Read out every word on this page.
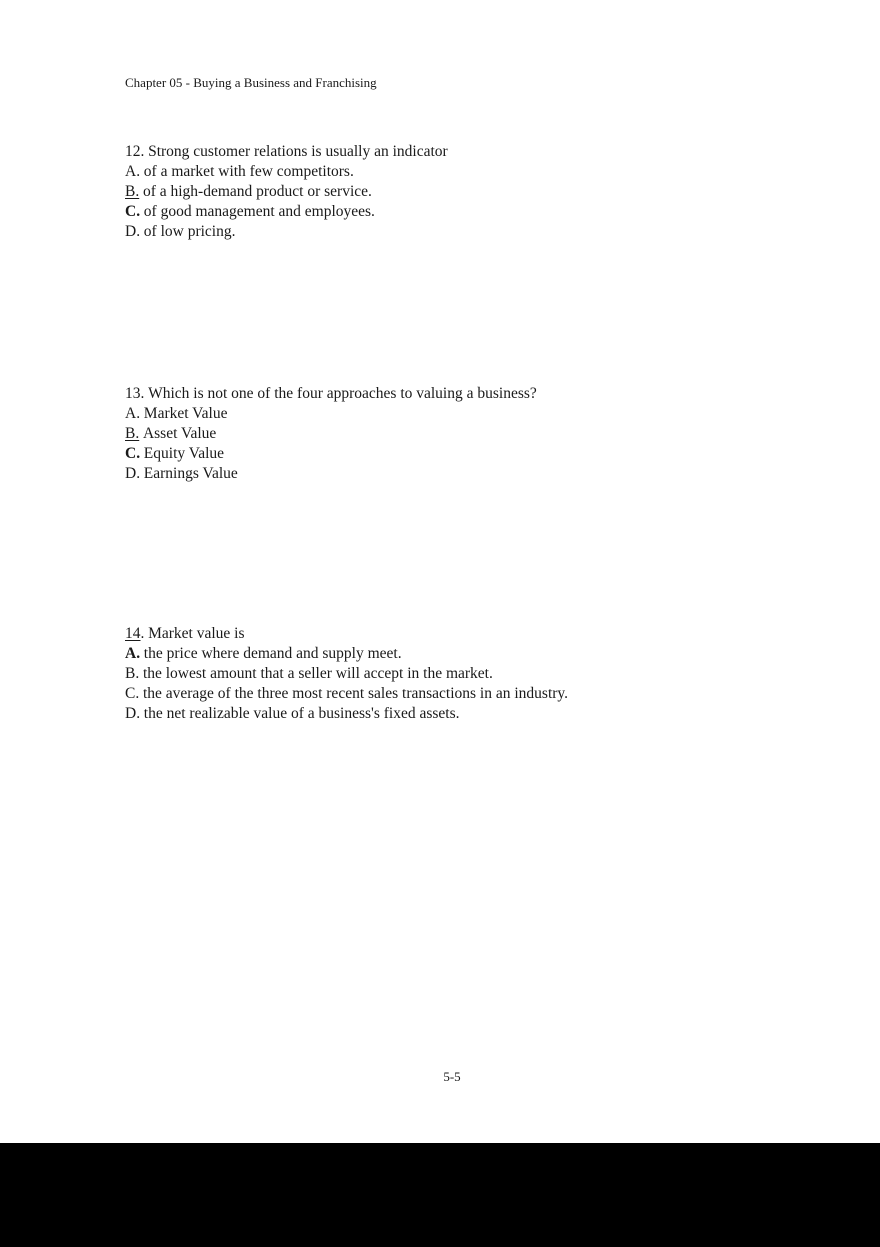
Chapter 05 - Buying a Business and Franchising
12. Strong customer relations is usually an indicator
A. of a market with few competitors.
B. of a high-demand product or service.
C. of good management and employees.
D. of low pricing.
13. Which is not one of the four approaches to valuing a business?
A. Market Value
B. Asset Value
C. Equity Value
D. Earnings Value
14. Market value is
A. the price where demand and supply meet.
B. the lowest amount that a seller will accept in the market.
C. the average of the three most recent sales transactions in an industry.
D. the net realizable value of a business's fixed assets.
5-5
